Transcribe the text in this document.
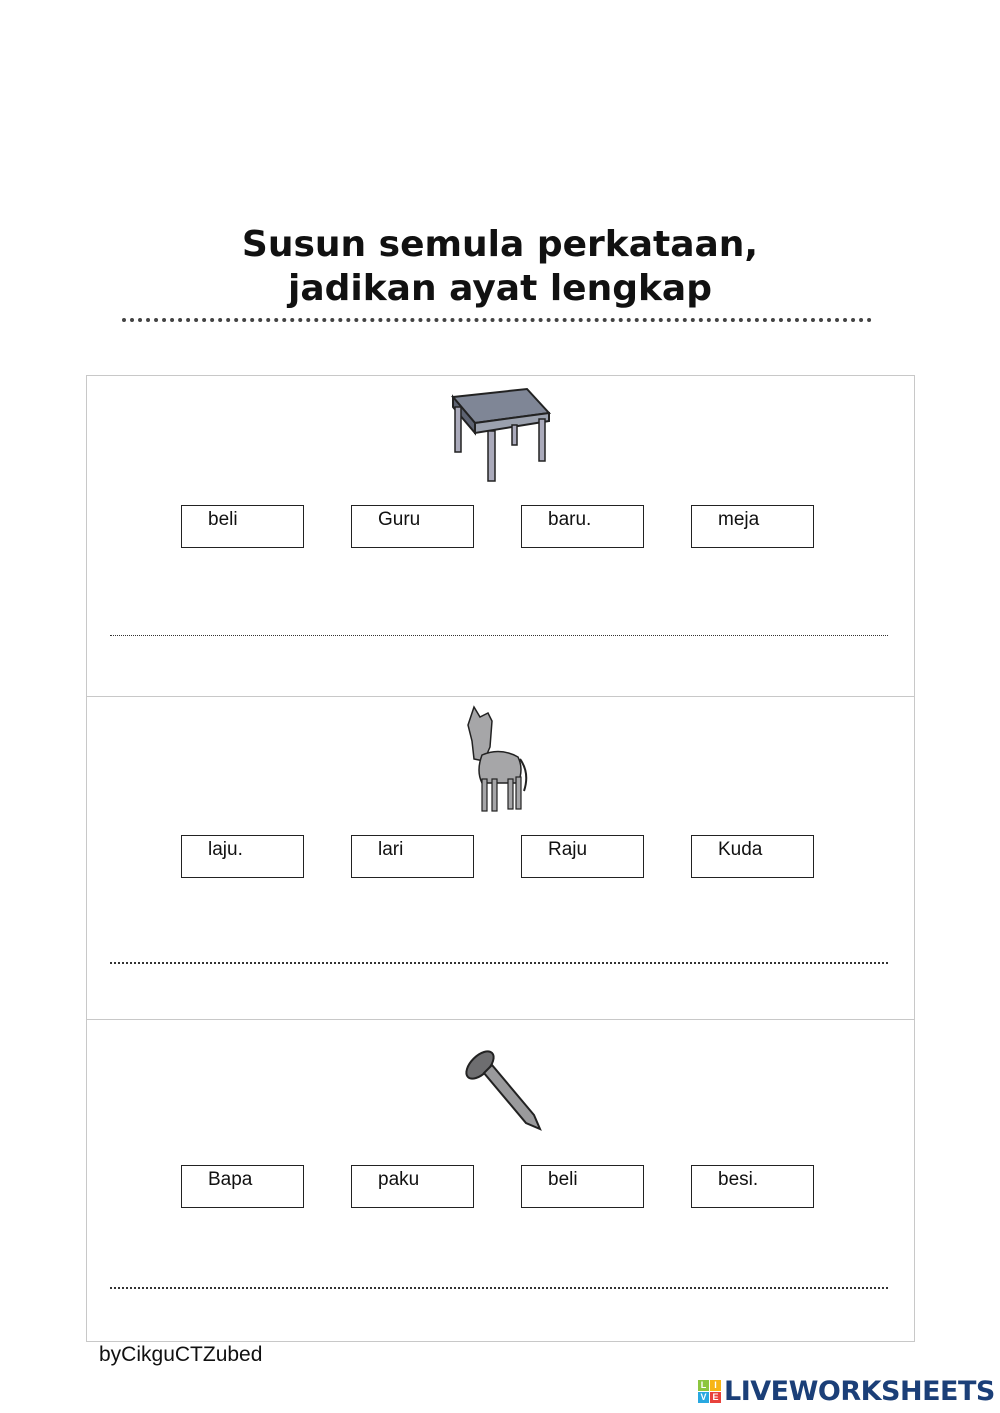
Susun semula perkataan,
jadikan ayat lengkap
beli	Guru	baru.	meja
laju.	lari	Raju	Kuda
Bapa	paku	beli	besi.
byCikguCTZubed
L I
V E LIVEWORKSHEETS
